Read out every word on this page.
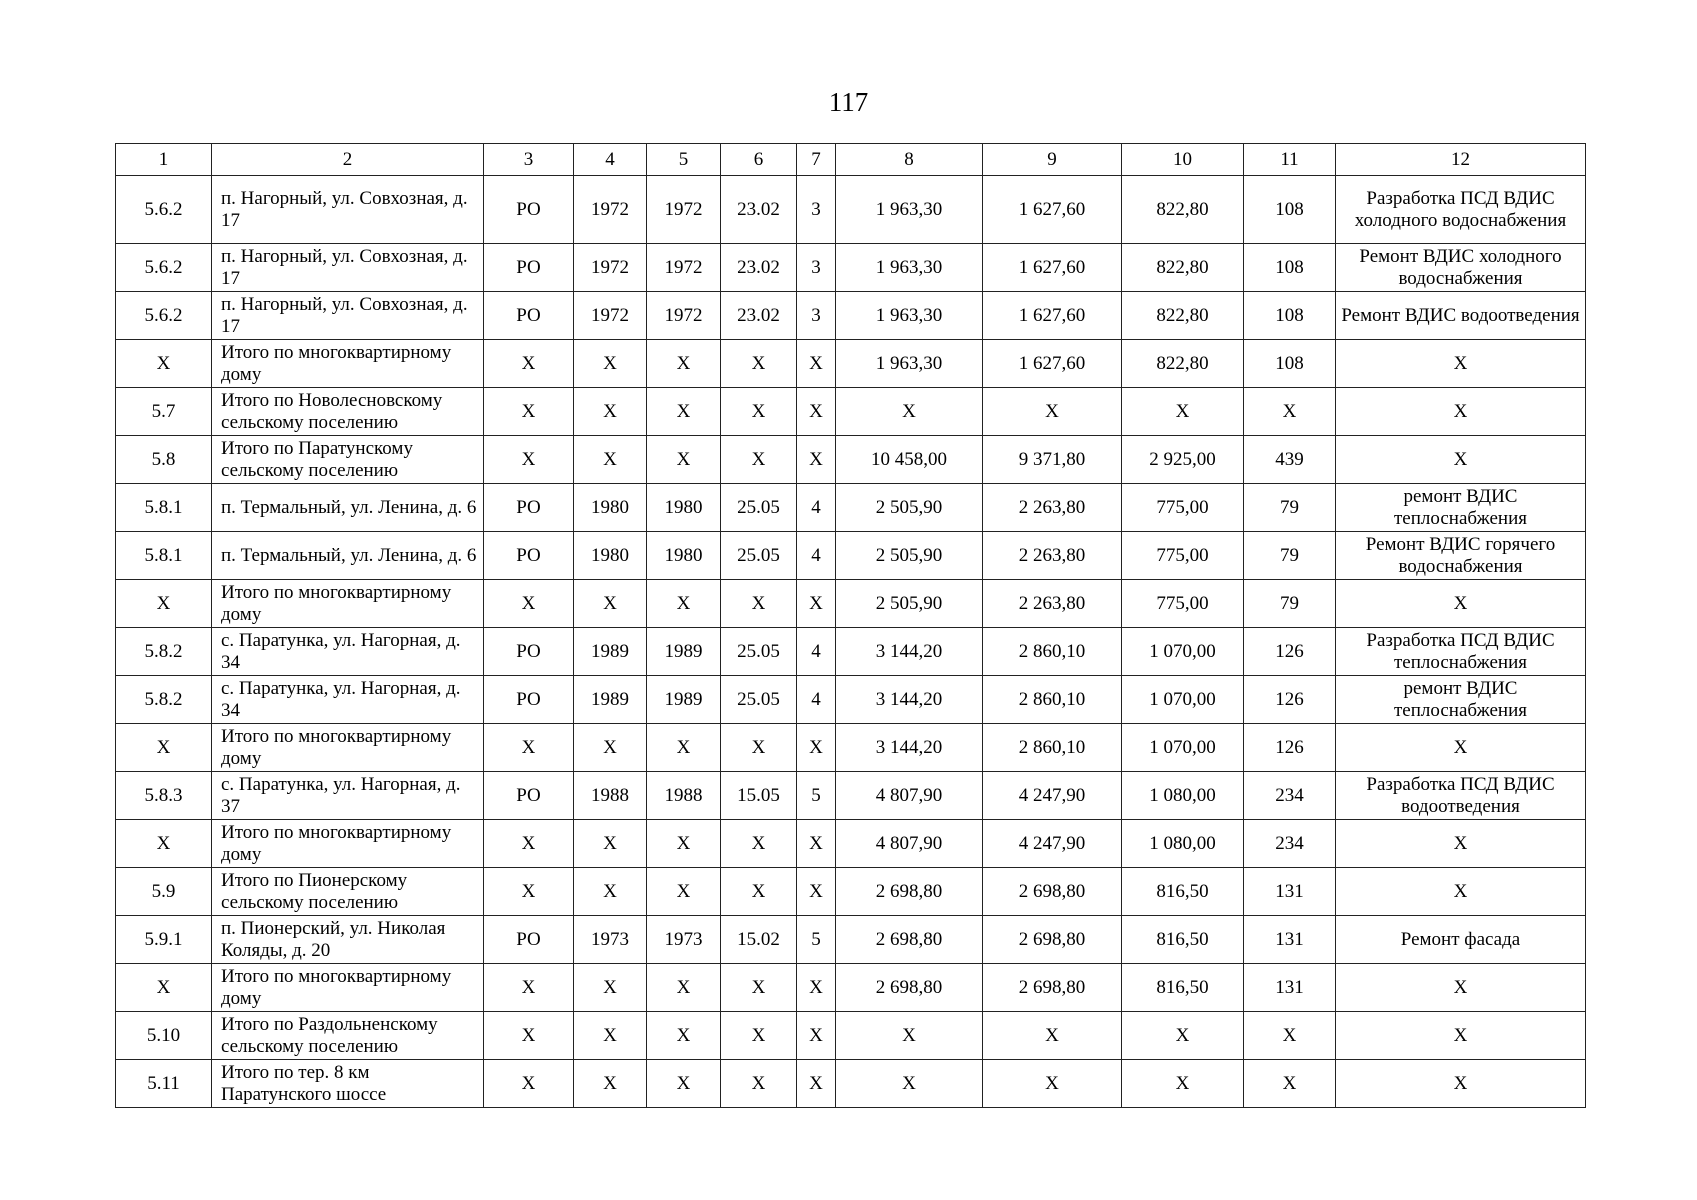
117
1	2	3	4	5	6	7	8	9	10	11	12
5.6.2	п. Нагорный, ул. Совхозная, д. 17	РО	1972	1972	23.02	3	1 963,30	1 627,60	822,80	108	Разработка ПСД ВДИС холодного водоснабжения
5.6.2	п. Нагорный, ул. Совхозная, д. 17	РО	1972	1972	23.02	3	1 963,30	1 627,60	822,80	108	Ремонт ВДИС холодного водоснабжения
5.6.2	п. Нагорный, ул. Совхозная, д. 17	РО	1972	1972	23.02	3	1 963,30	1 627,60	822,80	108	Ремонт ВДИС водоотведения
Х	Итого по многоквартирному дому	Х	Х	Х	Х	Х	1 963,30	1 627,60	822,80	108	Х
5.7	Итого по Новолесновскому сельскому поселению	Х	Х	Х	Х	Х	Х	Х	Х	Х	Х
5.8	Итого по Паратунскому сельскому поселению	Х	Х	Х	Х	Х	10 458,00	9 371,80	2 925,00	439	Х
5.8.1	п. Термальный, ул. Ленина, д. 6	РО	1980	1980	25.05	4	2 505,90	2 263,80	775,00	79	ремонт ВДИС теплоснабжения
5.8.1	п. Термальный, ул. Ленина, д. 6	РО	1980	1980	25.05	4	2 505,90	2 263,80	775,00	79	Ремонт ВДИС горячего водоснабжения
Х	Итого по многоквартирному дому	Х	Х	Х	Х	Х	2 505,90	2 263,80	775,00	79	Х
5.8.2	с. Паратунка, ул. Нагорная, д. 34	РО	1989	1989	25.05	4	3 144,20	2 860,10	1 070,00	126	Разработка ПСД ВДИС теплоснабжения
5.8.2	с. Паратунка, ул. Нагорная, д. 34	РО	1989	1989	25.05	4	3 144,20	2 860,10	1 070,00	126	ремонт ВДИС теплоснабжения
Х	Итого по многоквартирному дому	Х	Х	Х	Х	Х	3 144,20	2 860,10	1 070,00	126	Х
5.8.3	с. Паратунка, ул. Нагорная, д. 37	РО	1988	1988	15.05	5	4 807,90	4 247,90	1 080,00	234	Разработка ПСД ВДИС водоотведения
Х	Итого по многоквартирному дому	Х	Х	Х	Х	Х	4 807,90	4 247,90	1 080,00	234	Х
5.9	Итого по Пионерскому сельскому поселению	Х	Х	Х	Х	Х	2 698,80	2 698,80	816,50	131	Х
5.9.1	п. Пионерский, ул. Николая Коляды, д. 20	РО	1973	1973	15.02	5	2 698,80	2 698,80	816,50	131	Ремонт фасада
Х	Итого по многоквартирному дому	Х	Х	Х	Х	Х	2 698,80	2 698,80	816,50	131	Х
5.10	Итого по Раздольненскому сельскому поселению	Х	Х	Х	Х	Х	Х	Х	Х	Х	Х
5.11	Итого по тер. 8 км Паратунского шоссе	Х	Х	Х	Х	Х	Х	Х	Х	Х	Х
